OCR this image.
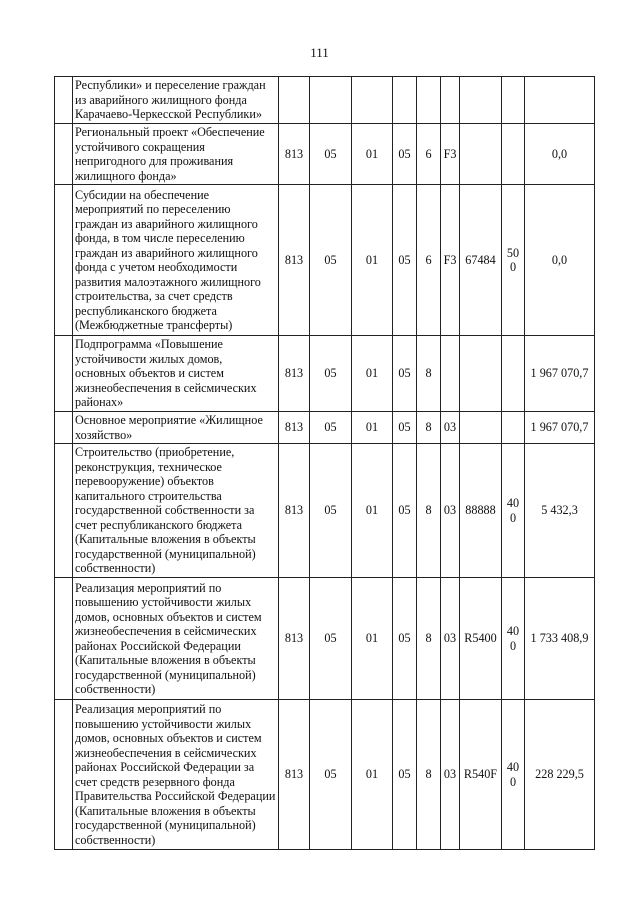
111
	Республики» и переселение граждан из аварийного жилищного фонда Карачаево-Черкесской Республики»									
	Региональный проект «Обеспечение устойчивого сокращения непригодного для проживания жилищного фонда»	813	05	01	05	6	F3			0,0
	Субсидии на обеспечение мероприятий по переселению граждан из аварийного жилищного фонда, в том числе переселению граждан из аварийного жилищного фонда с учетом необходимости развития малоэтажного жилищного строительства, за счет средств республиканского бюджета (Межбюджетные трансферты)	813	05	01	05	6	F3	67484	500	0,0
	Подпрограмма «Повышение устойчивости жилых домов, основных объектов и систем жизнеобеспечения в сейсмических районах»	813	05	01	05	8				1 967 070,7
	Основное мероприятие «Жилищное хозяйство»	813	05	01	05	8	03			1 967 070,7
	Строительство (приобретение, реконструкция, техническое перевооружение) объектов капитального строительства государственной собственности за счет республиканского бюджета (Капитальные вложения в объекты государственной (муниципальной) собственности)	813	05	01	05	8	03	88888	400	5 432,3
	Реализация мероприятий по повышению устойчивости жилых домов, основных объектов и систем жизнеобеспечения в сейсмических районах Российской Федерации (Капитальные вложения в объекты государственной (муниципальной) собственности)	813	05	01	05	8	03	R5400	400	1 733 408,9
	Реализация мероприятий по повышению устойчивости жилых домов, основных объектов и систем жизнеобеспечения в сейсмических районах Российской Федерации за счет средств резервного фонда Правительства Российской Федерации (Капитальные вложения в объекты государственной (муниципальной) собственности)	813	05	01	05	8	03	R540F	400	228 229,5
